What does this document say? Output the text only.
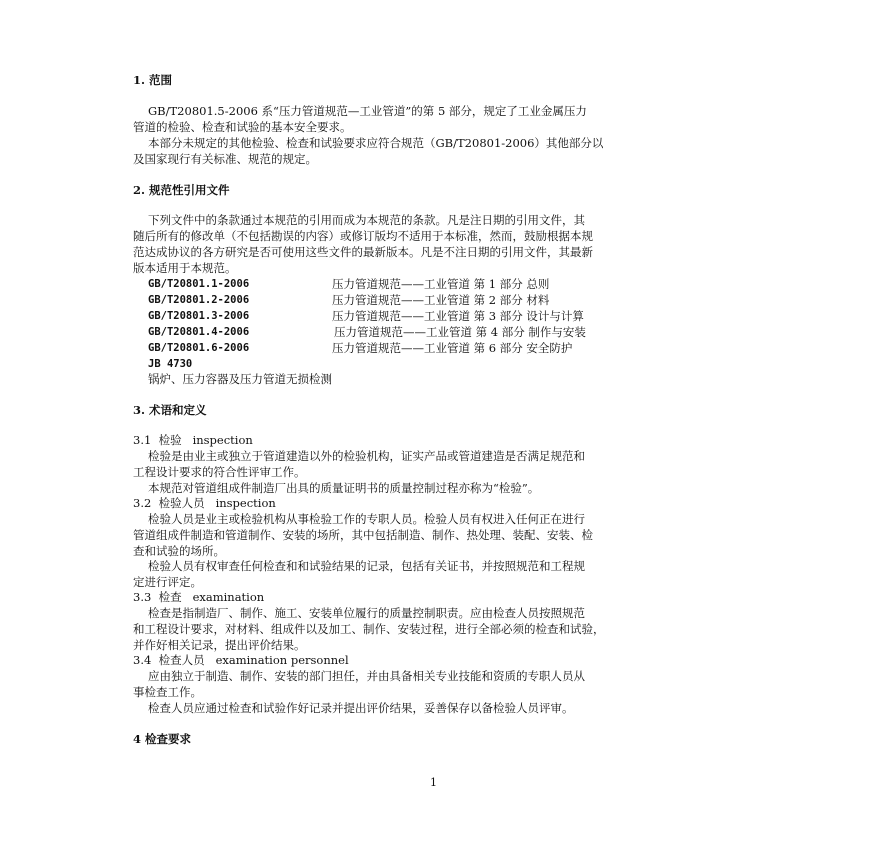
1. 范围
GB/T20801.5-2006 系“压力管道规范—工业管道”的第 5 部分，规定了工业金属压力
管道的检验、检查和试验的基本安全要求。
本部分未规定的其他检验、检查和试验要求应符合规范（GB/T20801-2006）其他部分以
及国家现行有关标准、规范的规定。
2. 规范性引用文件
下列文件中的条款通过本规范的引用而成为本规范的条款。凡是注日期的引用文件，其
随后所有的修改单（不包括勘误的内容）或修订版均不适用于本标准，然而，鼓励根据本规
范达成协议的各方研究是否可使用这些文件的最新版本。凡是不注日期的引用文件，其最新
版本适用于本规范。
GB/T20801.1-2006	压力管道规范——工业管道 第 1 部分 总则
GB/T20801.2-2006	压力管道规范——工业管道 第 2 部分 材料
GB/T20801.3-2006	压力管道规范——工业管道 第 3 部分 设计与计算
GB/T20801.4-2006	压力管道规范——工业管道 第 4 部分 制作与安装
GB/T20801.6-2006	压力管道规范——工业管道 第 6 部分 安全防护
JB 4730
锅炉、压力容器及压力管道无损检测
3. 术语和定义
3.1  检验   inspection
检验是由业主或独立于管道建造以外的检验机构，证实产品或管道建造是否满足规范和
工程设计要求的符合性评审工作。
本规范对管道组成件制造厂出具的质量证明书的质量控制过程亦称为“检验”。
3.2  检验人员   inspection
检验人员是业主或检验机构从事检验工作的专职人员。检验人员有权进入任何正在进行
管道组成件制造和管道制作、安装的场所，其中包括制造、制作、热处理、装配、安装、检
查和试验的场所。
检验人员有权审查任何检查和和试验结果的记录，包括有关证书，并按照规范和工程规
定进行评定。
3.3  检查   examination
检查是指制造厂、制作、施工、安装单位履行的质量控制职责。应由检查人员按照规范
和工程设计要求，对材料、组成件以及加工、制作、安装过程，进行全部必须的检查和试验，
并作好相关记录，提出评价结果。
3.4  检查人员   examination personnel
应由独立于制造、制作、安装的部门担任，并由具备相关专业技能和资质的专职人员从
事检查工作。
检查人员应通过检查和试验作好记录并提出评价结果，妥善保存以备检验人员评审。
4 检查要求
1
